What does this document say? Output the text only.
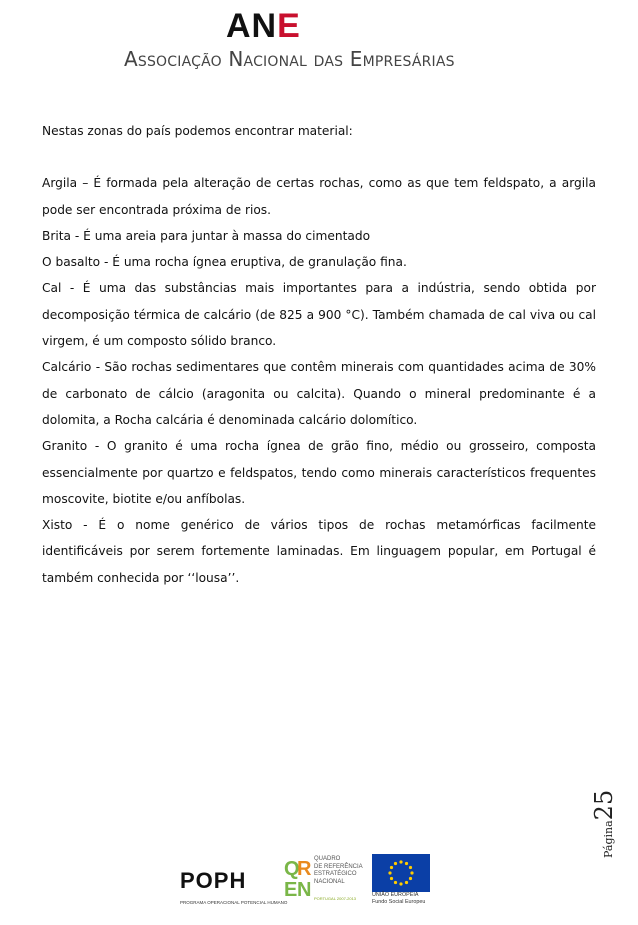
ANE
Associação Nacional das Empresárias

Nestas zonas do país podemos encontrar material:

Argila – É formada pela alteração de certas rochas, como as que tem feldspato, a argila pode ser encontrada próxima de rios.

Brita - É uma areia para juntar à massa do cimentado

O basalto - É uma rocha ígnea eruptiva, de granulação fina.

Cal - É uma das substâncias mais importantes para a indústria, sendo obtida por decomposição térmica de calcário (de 825 a 900 °C). Também chamada de cal viva ou cal virgem, é um composto sólido branco.

Calcário - São rochas sedimentares que contêm minerais com quantidades acima de 30% de carbonato de cálcio (aragonita ou calcita). Quando o mineral predominante é a dolomita, a Rocha calcária é denominada calcário dolomítico.

Granito - O granito é uma rocha ígnea de grão fino, médio ou grosseiro, composta essencialmente por quartzo e feldspatos, tendo como minerais característicos frequentes moscovite, biotite e/ou anfíbolas.

Xisto - É o nome genérico de vários tipos de rochas metamórficas facilmente identificáveis por serem fortemente laminadas. Em linguagem popular, em Portugal é também conhecida por ‘‘lousa’’.

Página25
POPH
PROGRAMA OPERACIONAL POTENCIAL HUMANO
Q
R
E N
QUADRO
DE REFERÊNCIA
ESTRATÉGICO
NACIONAL
PORTUGAL 2007-2013
UNIÃO EUROPEIA
Fundo Social Europeu
